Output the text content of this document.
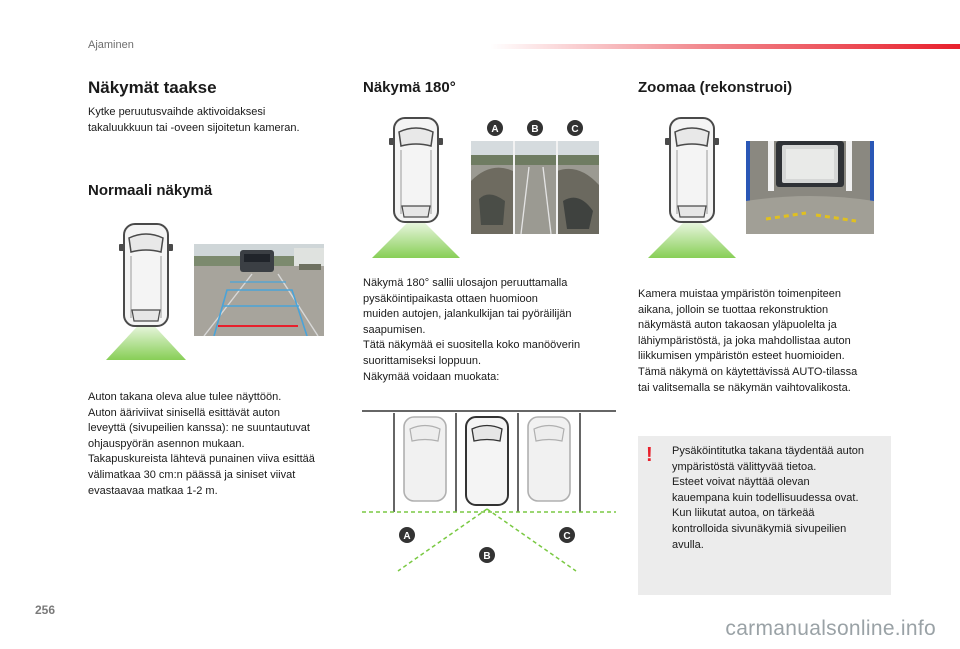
Ajaminen
Näkymät taakse
Kytke peruutusvaihde aktivoidaksesi
takaluukkuun tai -oveen sijoitetun kameran.
Normaali näkymä
Auton takana oleva alue tulee näyttöön.
Auton ääriviivat sinisellä esittävät auton
leveyttä (sivupeilien kanssa): ne suuntautuvat
ohjauspyörän asennon mukaan.
Takapuskureista lähtevä punainen viiva esittää
välimatkaa 30 cm:n päässä ja siniset viivat
evastaavaa matkaa 1-2 m.
Näkymä 180°
A	B	C
Näkymä 180° sallii ulosajon peruuttamalla
pysäköintipaikasta ottaen huomioon
muiden autojen, jalankulkijan tai pyöräilijän
saapumisen.
Tätä näkymää ei suositella koko manööverin
suorittamiseksi loppuun.
Näkymää voidaan muokata:
A
B
C
Zoomaa (rekonstruoi)
Kamera muistaa ympäristön toimenpiteen
aikana, jolloin se tuottaa rekonstruktion
näkymästä auton takaosan yläpuolelta ja
lähiympäristöstä, ja joka mahdollistaa auton
liikkumisen ympäristön esteet huomioiden.
Tämä näkymä on käytettävissä AUTO-tilassa
tai valitsemalla se näkymän vaihtovalikosta.
! Pysäköintitutka takana täydentää auton
ympäristöstä välittyvää tietoa.
Esteet voivat näyttää olevan
kauempana kuin todellisuudessa ovat.
Kun liikutat autoa, on tärkeää
kontrolloida sivunäkymiä sivupeilien
avulla.
256
carmanualsonline.info
